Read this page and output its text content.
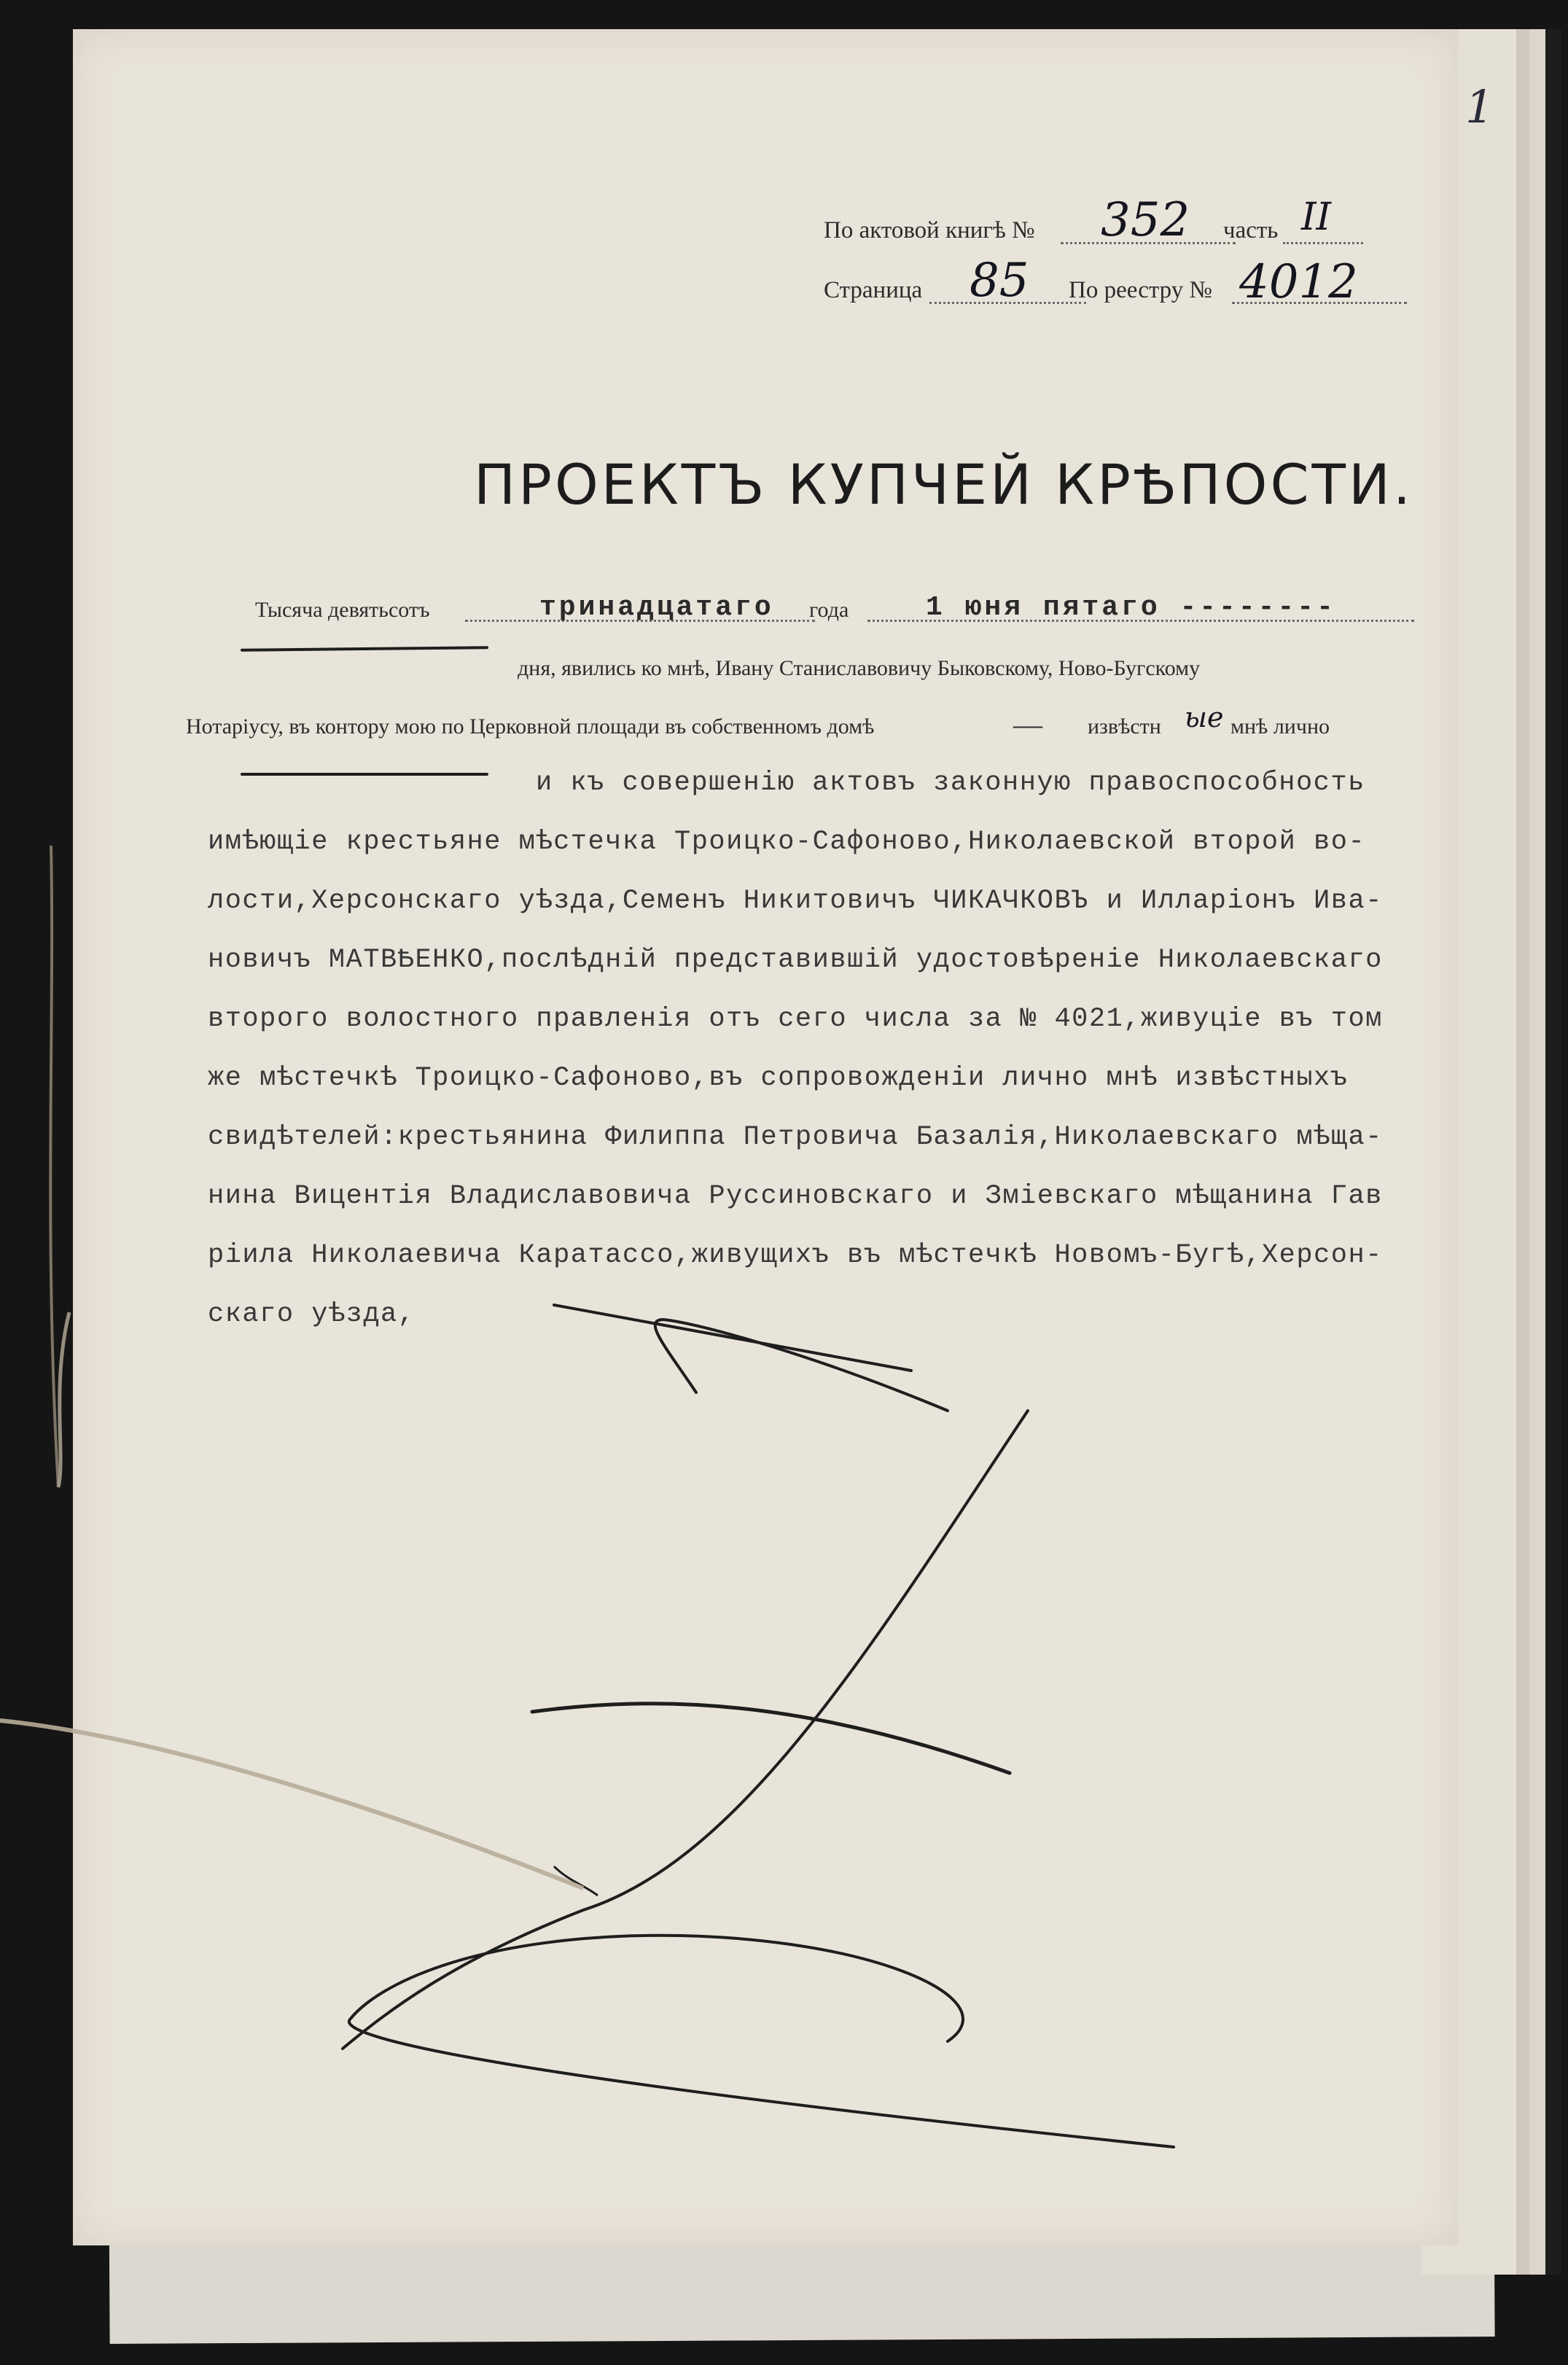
1
По актовой книгѣ № 352 часть II
Страница 85 По реестру № 4012
ПРОЕКТЪ КУПЧЕЙ КРѢПОСТИ.
Тысяча девятьсотъ	тринадцатаго года	1 юня пятаго --------
дня, явились ко мнѣ, Ивану Станиславовичу Быковскому, Ново-Бугскому
Нотаріусу, въ контору мою по Церковной площади въ собственномъ домѣ	— извѣстн ые мнѣ лично
и къ совершенію актовъ законную правоспособность
имѣющіе крестьяне мѣстечка Троицко-Сафоново,Николаевской второй во-
лости,Херсонскаго уѣзда,Семенъ Никитовичъ ЧИКАЧКОВЪ и Илларіонъ Ива-
новичъ МАТВѢЕНКО,послѣдній представившій удостовѣреніе Николаевскаго
второго волостного правленія отъ сего числа за № 4021,живуціе въ том
же мѣстечкѣ Троицко-Сафоново,въ сопровожденіи лично мнѣ извѣстныхъ
свидѣтелей:крестьянина Филиппа Петровича Базалія,Николаевскаго мѣща-
нина Вицентія Владиславовича Руссиновскаго и Зміевскаго мѣщанина Гав
ріила Николаевича Каратассо,живущихъ въ мѣстечкѣ Новомъ-Бугѣ,Херсон-
скаго уѣзда,
